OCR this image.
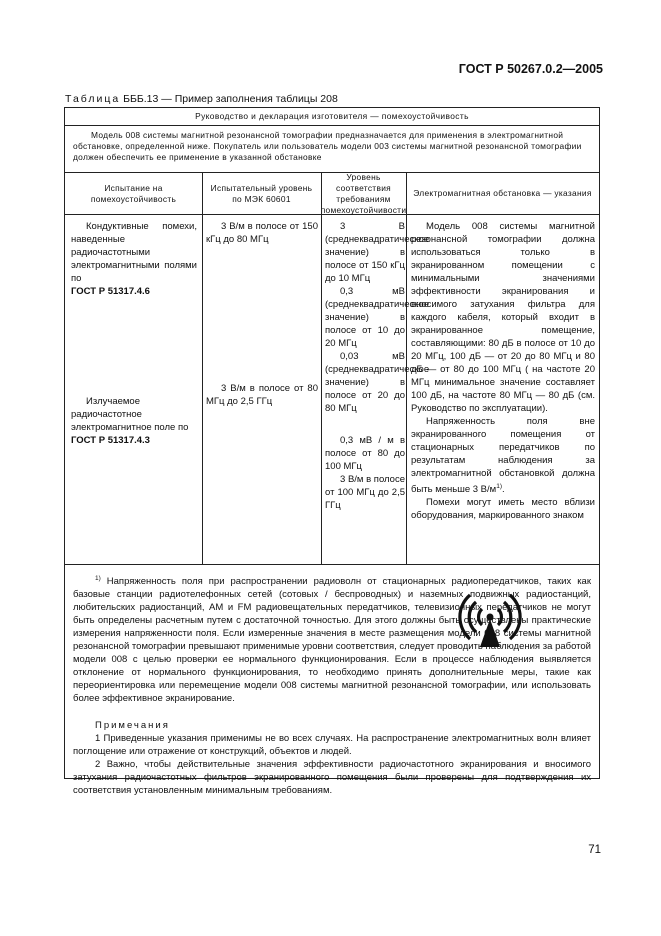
ГОСТ Р 50267.0.2—2005
Таблица БББ.13 — Пример заполнения таблицы 208
Руководство и декларация изготовителя — помехоустойчивость

Модель 008 системы магнитной резонансной томографии предназначается для применения в электромагнитной обстановке, определенной ниже. Покупатель или пользователь модели 003 системы магнитной резонансной томографии должен обеспечить ее применение в указанной обстановке

Испытание на помехоустойчивость
Испытательный уровень по МЭК 60601
Уровень соответствия требованиям помехоустойчивости
Электромагнитная обстановка — указания

Кондуктивные помехи, наведенные радиочастотными электромагнитными полями по

ГОСТ Р 51317.4.6

Излучаемое радиочастотное электромагнитное поле по

ГОСТ Р 51317.4.3

3 В/м в полосе от 150 кГц до 80 МГц

3 В/м в полосе от 80 МГц до 2,5 ГГц

3 В (среднеквадратическое значение) в полосе от 150 кГц до 10 МГц

0,3 мВ (среднеквадратическое значение) в полосе от 10 до 20 МГц

0,03 мВ (среднеквадратическое значение) в полосе от 20 до 80 МГц

0,3 мВ / м в полосе от 80 до 100 МГц

3 В/м в полосе от 100 МГц до 2,5 ГГц

Модель 008 системы магнитной резонансной томографии должна использоваться только в экранированном помещении с минимальными значениями эффективности экранирования и вносимого затухания фильтра для каждого кабеля, который входит в экранированное помещение, составляющими: 80 дБ в полосе от 10 до 20 МГц, 100 дБ — от 20 до 80 МГц и 80 дБ — от 80 до 100 МГц ( на частоте 20 МГц минимальное значение составляет 100 дБ, на частоте 80 МГц — 80 дБ (см. Руководство по эксплуатации).

Напряженность поля вне экранированного помещения от стационарных передатчиков по результатам наблюдения за электромагнитной обстановкой должна быть меньше 3 $В/м^{1)}$.

Помехи могут иметь место вблизи оборудования, маркированного знаком

$^{1)}$ Напряженность поля при распространении радиоволн от стационарных радиопередатчиков, таких как базовые станции радиотелефонных сетей (сотовых / беспроводных) и наземных подвижных радиостанций, любительских радиостанций, AM и FM радиовещательных передатчиков, телевизионных передатчиков не могут быть определены расчетным путем с достаточной точностью. Для этого должны быть осуществлены практические измерения напряженности поля. Если измеренные значения в месте размещения модели 008 системы магнитной резонансной томографии превышают применимые уровни соответствия, следует проводить наблюдения за работой модели 008 с целью проверки ее нормального функционирования. Если в процессе наблюдения выявляется отклонение от нормального функционирования, то необходимо принять дополнительные меры, такие как переориентировка или перемещение модели 008 системы магнитной резонансной томографии, или использовать более эффективное экранирование.

Примечания

1 Приведенные указания применимы не во всех случаях. На распространение электромагнитных волн влияет поглощение или отражение от конструкций, объектов и людей.

2 Важно, чтобы действительные значения эффективности радиочастотного экранирования и вносимого затухания радиочастотных фильтров экранированного помещения были проверены для подтверждения их соответствия установленным минимальным требованиям.

71
